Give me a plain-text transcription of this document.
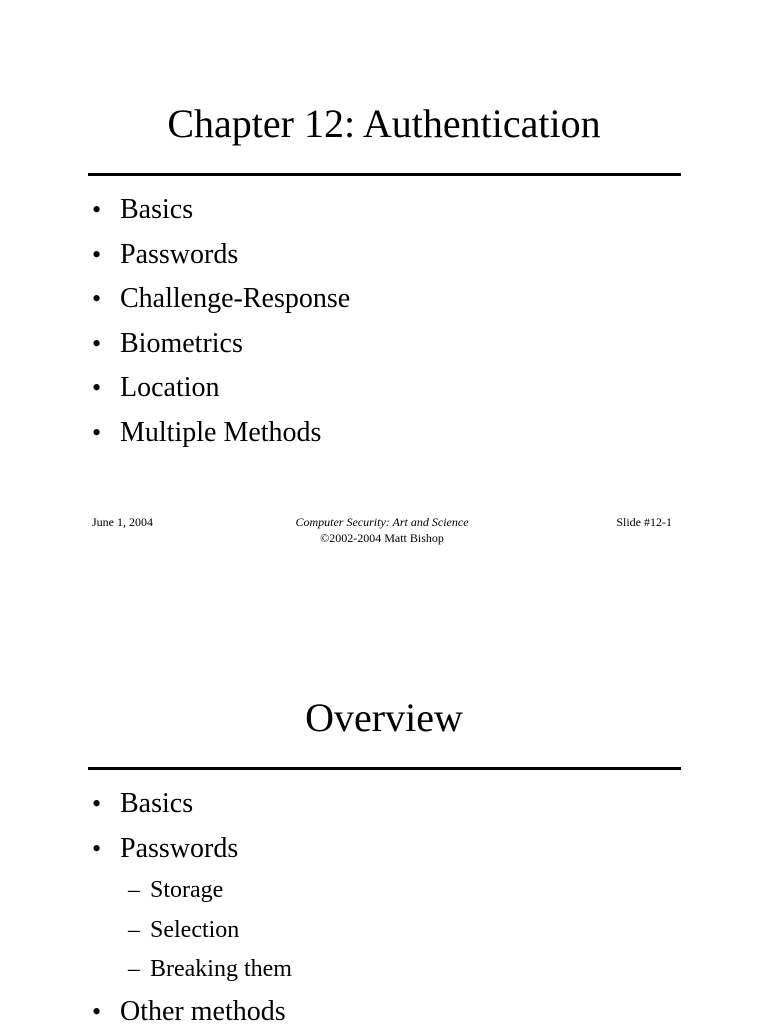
Chapter 12: Authentication
• Basics
• Passwords
• Challenge-Response
• Biometrics
• Location
• Multiple Methods
June 1, 2004	Computer Security: Art and Science
©2002-2004 Matt Bishop
Slide #12-1
Overview
• Basics
• Passwords
– Storage
– Selection
– Breaking them
• Other methods
